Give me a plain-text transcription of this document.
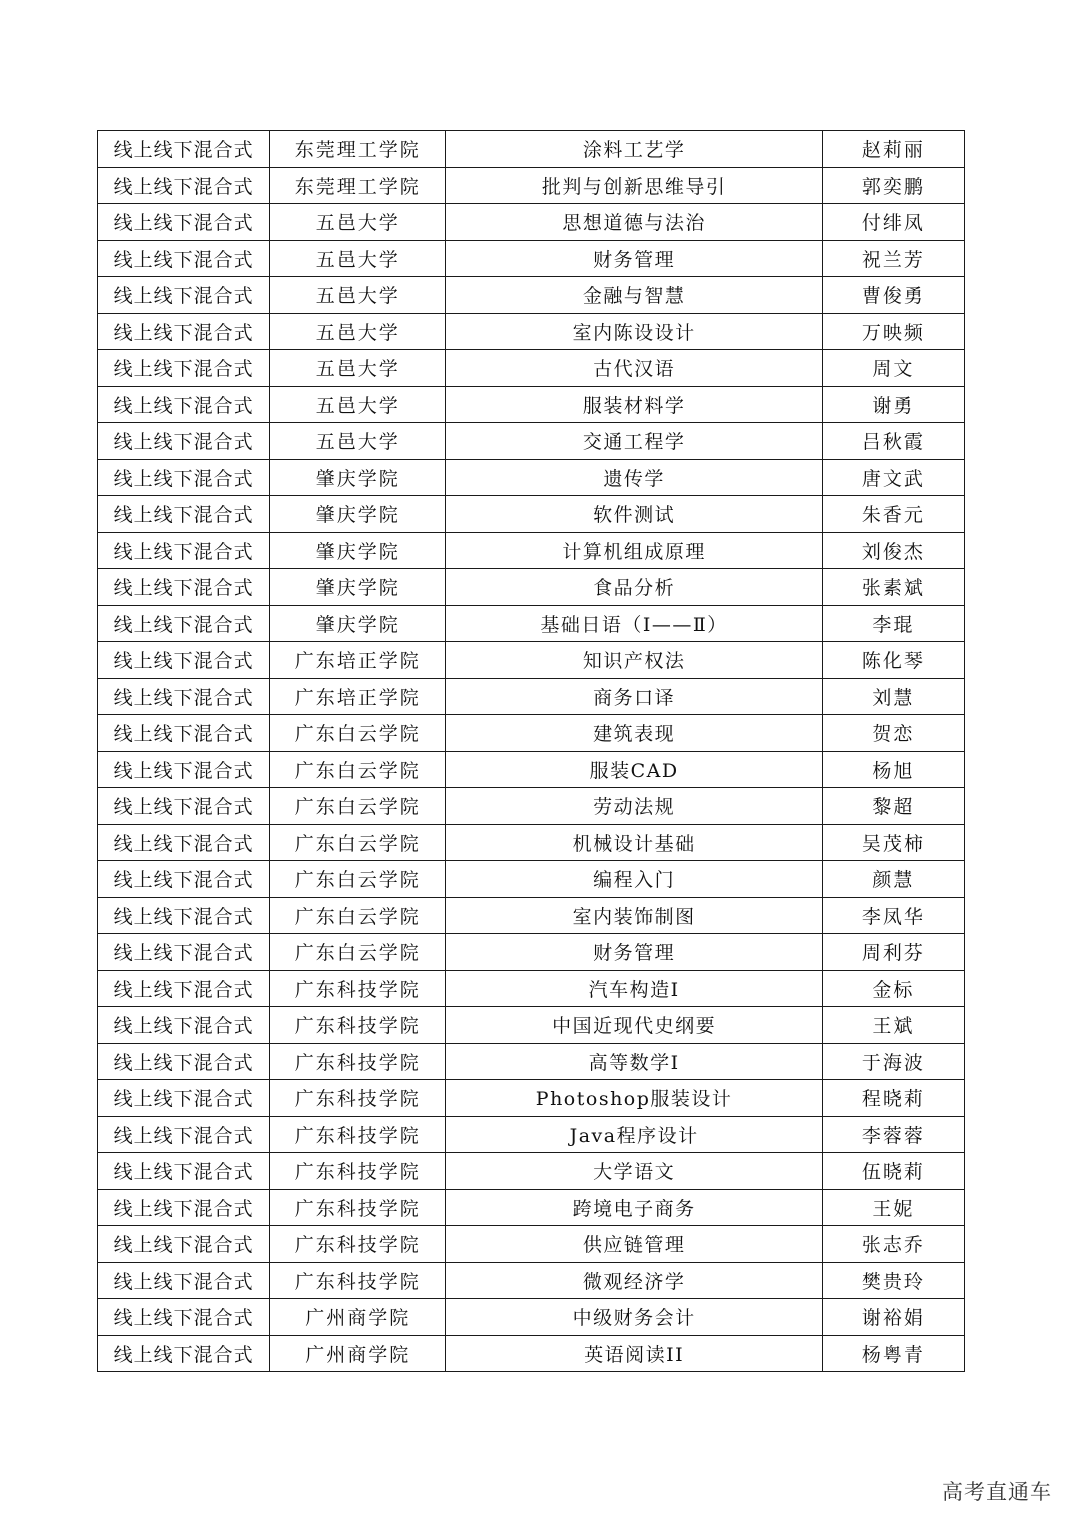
线上线下混合式	东莞理工学院	涂料工艺学	赵莉丽
线上线下混合式	东莞理工学院	批判与创新思维导引	郭奕鹏
线上线下混合式	五邑大学	思想道德与法治	付绯凤
线上线下混合式	五邑大学	财务管理	祝兰芳
线上线下混合式	五邑大学	金融与智慧	曹俊勇
线上线下混合式	五邑大学	室内陈设设计	万映频
线上线下混合式	五邑大学	古代汉语	周文
线上线下混合式	五邑大学	服装材料学	谢勇
线上线下混合式	五邑大学	交通工程学	吕秋霞
线上线下混合式	肇庆学院	遗传学	唐文武
线上线下混合式	肇庆学院	软件测试	朱香元
线上线下混合式	肇庆学院	计算机组成原理	刘俊杰
线上线下混合式	肇庆学院	食品分析	张素斌
线上线下混合式	肇庆学院	基础日语（Ⅰ——Ⅱ）	李琨
线上线下混合式	广东培正学院	知识产权法	陈化琴
线上线下混合式	广东培正学院	商务口译	刘慧
线上线下混合式	广东白云学院	建筑表现	贺恋
线上线下混合式	广东白云学院	服装CAD	杨旭
线上线下混合式	广东白云学院	劳动法规	黎超
线上线下混合式	广东白云学院	机械设计基础	吴茂柿
线上线下混合式	广东白云学院	编程入门	颜慧
线上线下混合式	广东白云学院	室内装饰制图	李凤华
线上线下混合式	广东白云学院	财务管理	周利芬
线上线下混合式	广东科技学院	汽车构造Ⅰ	金标
线上线下混合式	广东科技学院	中国近现代史纲要	王斌
线上线下混合式	广东科技学院	高等数学Ⅰ	于海波
线上线下混合式	广东科技学院	Photoshop服装设计	程晓莉
线上线下混合式	广东科技学院	Java程序设计	李蓉蓉
线上线下混合式	广东科技学院	大学语文	伍晓莉
线上线下混合式	广东科技学院	跨境电子商务	王妮
线上线下混合式	广东科技学院	供应链管理	张志乔
线上线下混合式	广东科技学院	微观经济学	樊贵玲
线上线下混合式	广州商学院	中级财务会计	谢裕娟
线上线下混合式	广州商学院	英语阅读II	杨粤青
高考直通车
